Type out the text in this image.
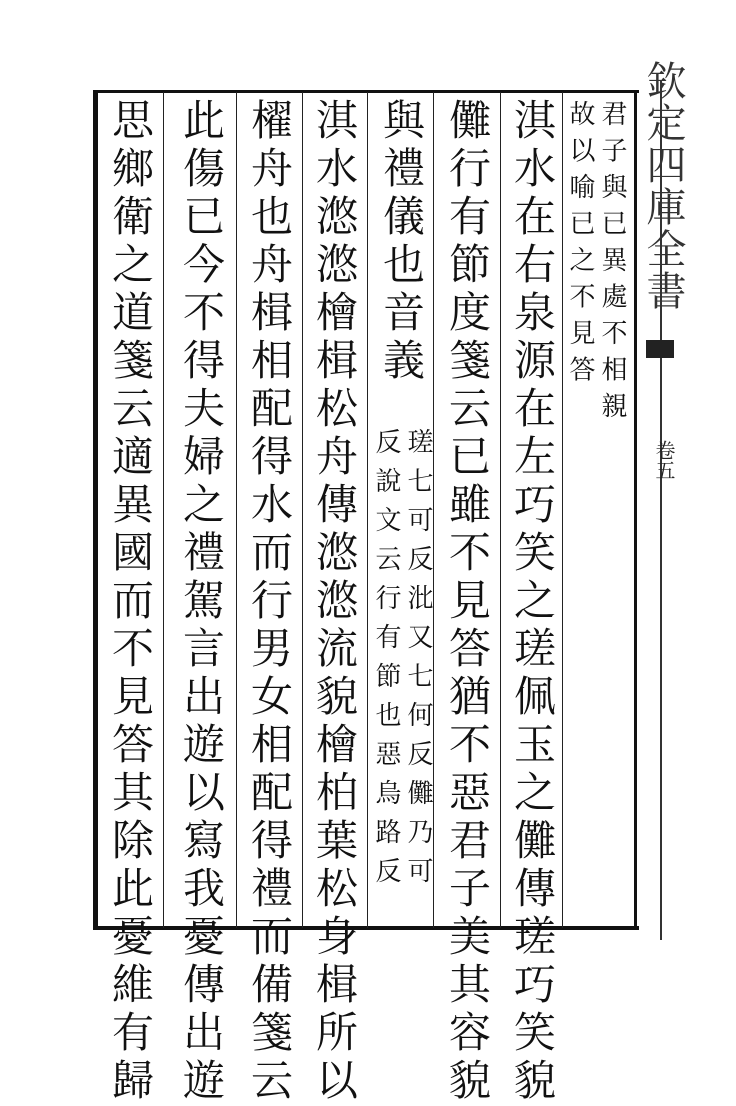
欽定四庫全書
卷五
君子與已異處不相親
故以喻已之不見答
淇水在右泉源在左巧笑之瑳佩玉之儺傳瑳巧笑貌
儺行有節度箋云已雖不見答猶不惡君子美其容貌
與禮儀也音義
瑳七可反沘又七何反儺乃可
反說文云行有節也惡烏路反
淇水滺滺檜楫松舟傳滺滺流貌檜柏葉松身楫所以
櫂舟也舟楫相配得水而行男女相配得禮而備箋云
此傷已今不得夫婦之禮駕言出遊以寫我憂傳出遊
思鄉衛之道箋云適異國而不見答其除此憂維有歸
